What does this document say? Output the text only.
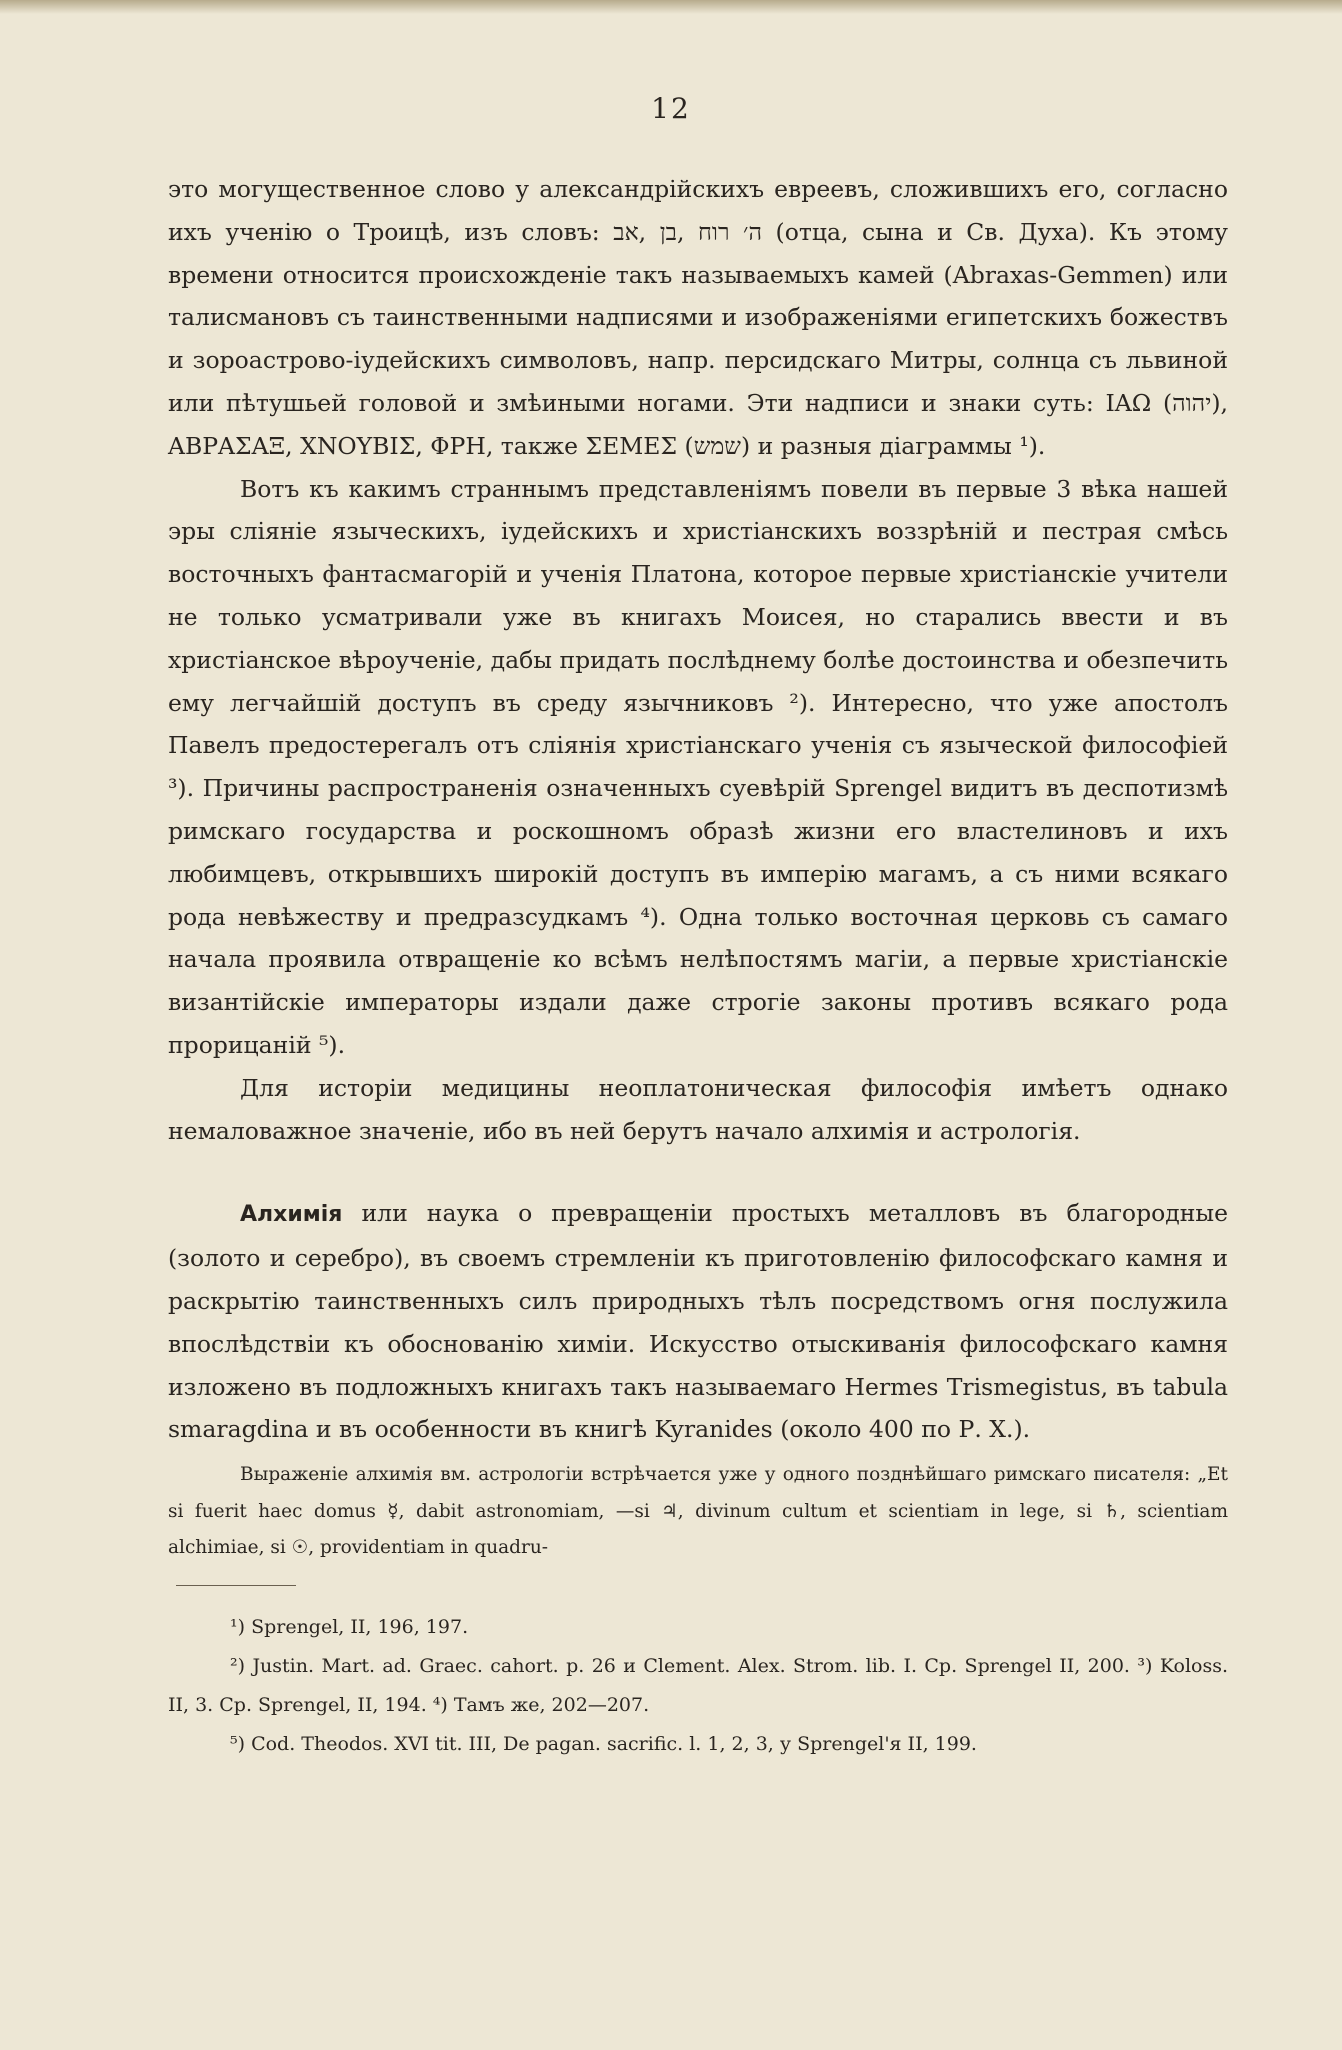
12

это могущественное слово у александрійскихъ евреевъ, сложившихъ его, согласно ихъ ученію о Троицѣ, изъ словъ: ה׳ רוח ,בן ,אב (отца, сына и Св. Духа). Къ этому времени относится происхожденіе такъ называемыхъ камей (Abraxas-Gemmen) или талисмановъ съ таинственными надписями и изображеніями египетскихъ божествъ и зороастрово-іудейскихъ символовъ, напр. персидскаго Митры, солнца съ львиной или пѣтушьей головой и змѣиными ногами. Эти надписи и знаки суть: ΙΑΩ (יהוה), ΑΒΡΑΣΑΞ, ΧΝΟΥΒΙΣ, ΦΡΗ, также ΣΕΜΕΣ (שמש) и разныя діаграммы ¹).

Вотъ къ какимъ страннымъ представленіямъ повели въ первые 3 вѣка нашей эры сліяніе языческихъ, іудейскихъ и христіанскихъ воззрѣній и пестрая смѣсь восточныхъ фантасмагорій и ученія Платона, которое первые христіанскіе учители не только усматривали уже въ книгахъ Моисея, но старались ввести и въ христіанское вѣроученіе, дабы придать послѣднему болѣе достоинства и обезпечить ему легчайшій доступъ въ среду язычниковъ ²). Интересно, что уже апостолъ Павелъ предостерегалъ отъ сліянія христіанскаго ученія съ языческой философіей ³). Причины распространенія означенныхъ суевѣрій Sprengel видитъ въ деспотизмѣ римскаго государства и роскошномъ образѣ жизни его властелиновъ и ихъ любимцевъ, открывшихъ широкій доступъ въ имперію магамъ, а съ ними всякаго рода невѣжеству и предразсудкамъ ⁴). Одна только восточная церковь съ самаго начала проявила отвращеніе ко всѣмъ нелѣпостямъ магіи, а первые христіанскіе византійскіе императоры издали даже строгіе законы противъ всякаго рода прорицаній ⁵).

Для исторіи медицины неоплатоническая философія имѣетъ однако немаловажное значеніе, ибо въ ней берутъ начало алхимія и астрологія.

Алхимія или наука о превращеніи простыхъ металловъ въ благородные (золото и серебро), въ своемъ стремленіи къ приготовленію философскаго камня и раскрытію таинственныхъ силъ природныхъ тѣлъ посредствомъ огня послужила впослѣдствіи къ обоснованію химіи. Искусство отыскиванія философскаго камня изложено въ подложныхъ книгахъ такъ называемаго Hermes Trismegistus, въ tabula smaragdina и въ особенности въ книгѣ Kyranides (около 400 по Р. Х.).

Выраженіе алхимія вм. астрологіи встрѣчается уже у одного позднѣйшаго римскаго писателя: „Et si fuerit haec domus ☿, dabit astronomiam, —si ♃, divinum cultum et scientiam in lege, si ♄, scientiam alchimiae, si ☉, providentiam in quadru-

¹) Sprengel, II, 196, 197.
²) Justin. Mart. ad. Graec. cahort. p. 26 и Clement. Alex. Strom. lib. I. Ср. Sprengel II, 200. ³) Koloss. II, 3. Ср. Sprengel, II, 194. ⁴) Тамъ же, 202—207.
⁵) Cod. Theodos. XVI tit. III, De pagan. sacrific. l. 1, 2, 3, у Sprengel'я II, 199.
